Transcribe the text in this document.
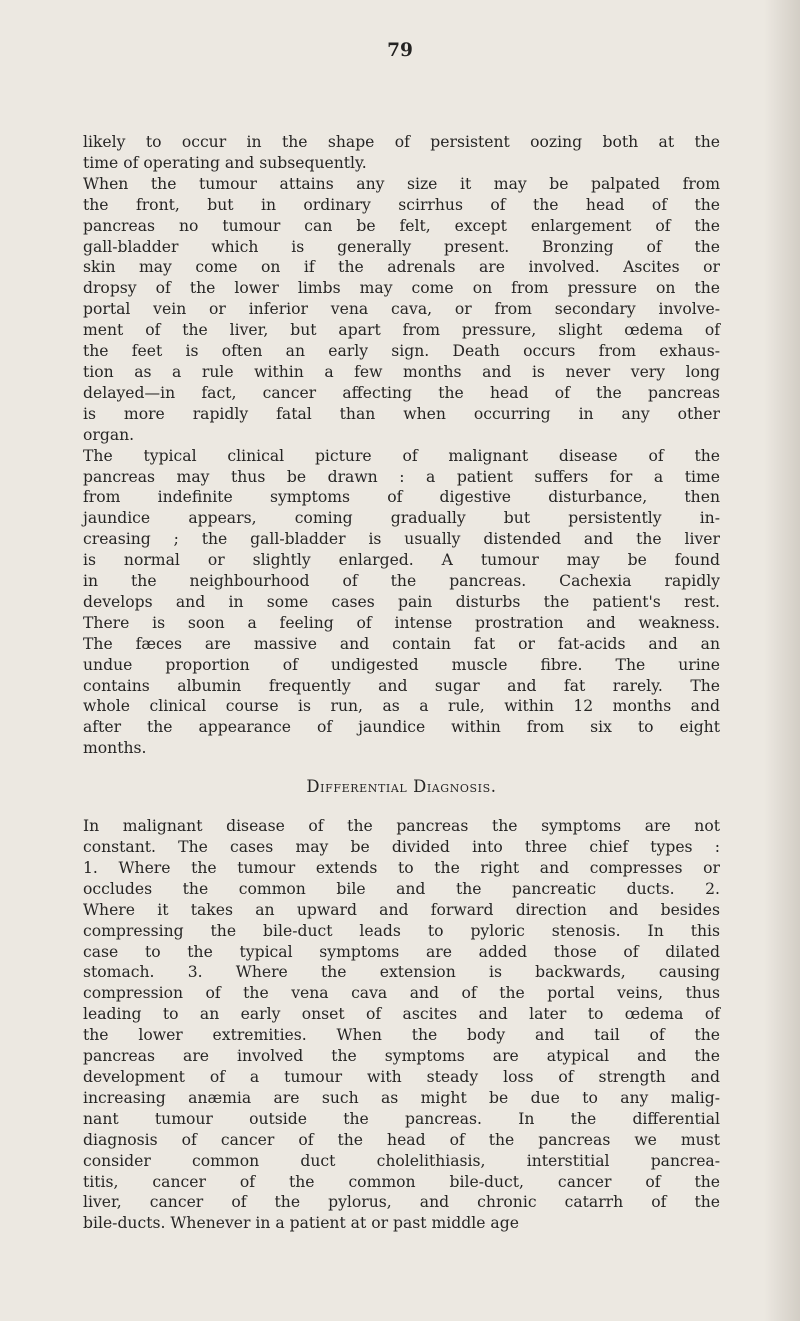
79

likely to occur in the shape of persistent oozing both at the
time of operating and subsequently.
When the tumour attains any size it may be palpated from
the front, but in ordinary scirrhus of the head of the
pancreas no tumour can be felt, except enlargement of the
gall-bladder which is generally present. Bronzing of the
skin may come on if the adrenals are involved. Ascites or
dropsy of the lower limbs may come on from pressure on the
portal vein or inferior vena cava, or from secondary involve-
ment of the liver, but apart from pressure, slight œdema of
the feet is often an early sign. Death occurs from exhaus-
tion as a rule within a few months and is never very long
delayed—in fact, cancer affecting the head of the pancreas
is more rapidly fatal than when occurring in any other
organ.
The typical clinical picture of malignant disease of the
pancreas may thus be drawn : a patient suffers for a time
from indefinite symptoms of digestive disturbance, then
jaundice appears, coming gradually but persistently in-
creasing ; the gall-bladder is usually distended and the liver
is normal or slightly enlarged. A tumour may be found
in the neighbourhood of the pancreas. Cachexia rapidly
develops and in some cases pain disturbs the patient's rest.
There is soon a feeling of intense prostration and weakness.
The fæces are massive and contain fat or fat-acids and an
undue proportion of undigested muscle fibre. The urine
contains albumin frequently and sugar and fat rarely. The
whole clinical course is run, as a rule, within 12 months and
after the appearance of jaundice within from six to eight
months.
Differential Diagnosis.
In malignant disease of the pancreas the symptoms are not
constant. The cases may be divided into three chief types :
1. Where the tumour extends to the right and compresses or
occludes the common bile and the pancreatic ducts. 2.
Where it takes an upward and forward direction and besides
compressing the bile-duct leads to pyloric stenosis. In this
case to the typical symptoms are added those of dilated
stomach. 3. Where the extension is backwards, causing
compression of the vena cava and of the portal veins, thus
leading to an early onset of ascites and later to œdema of
the lower extremities. When the body and tail of the
pancreas are involved the symptoms are atypical and the
development of a tumour with steady loss of strength and
increasing anæmia are such as might be due to any malig-
nant tumour outside the pancreas. In the differential
diagnosis of cancer of the head of the pancreas we must
consider common duct cholelithiasis, interstitial pancrea-
titis, cancer of the common bile-duct, cancer of the
liver, cancer of the pylorus, and chronic catarrh of the
bile-ducts. Whenever in a patient at or past middle age
